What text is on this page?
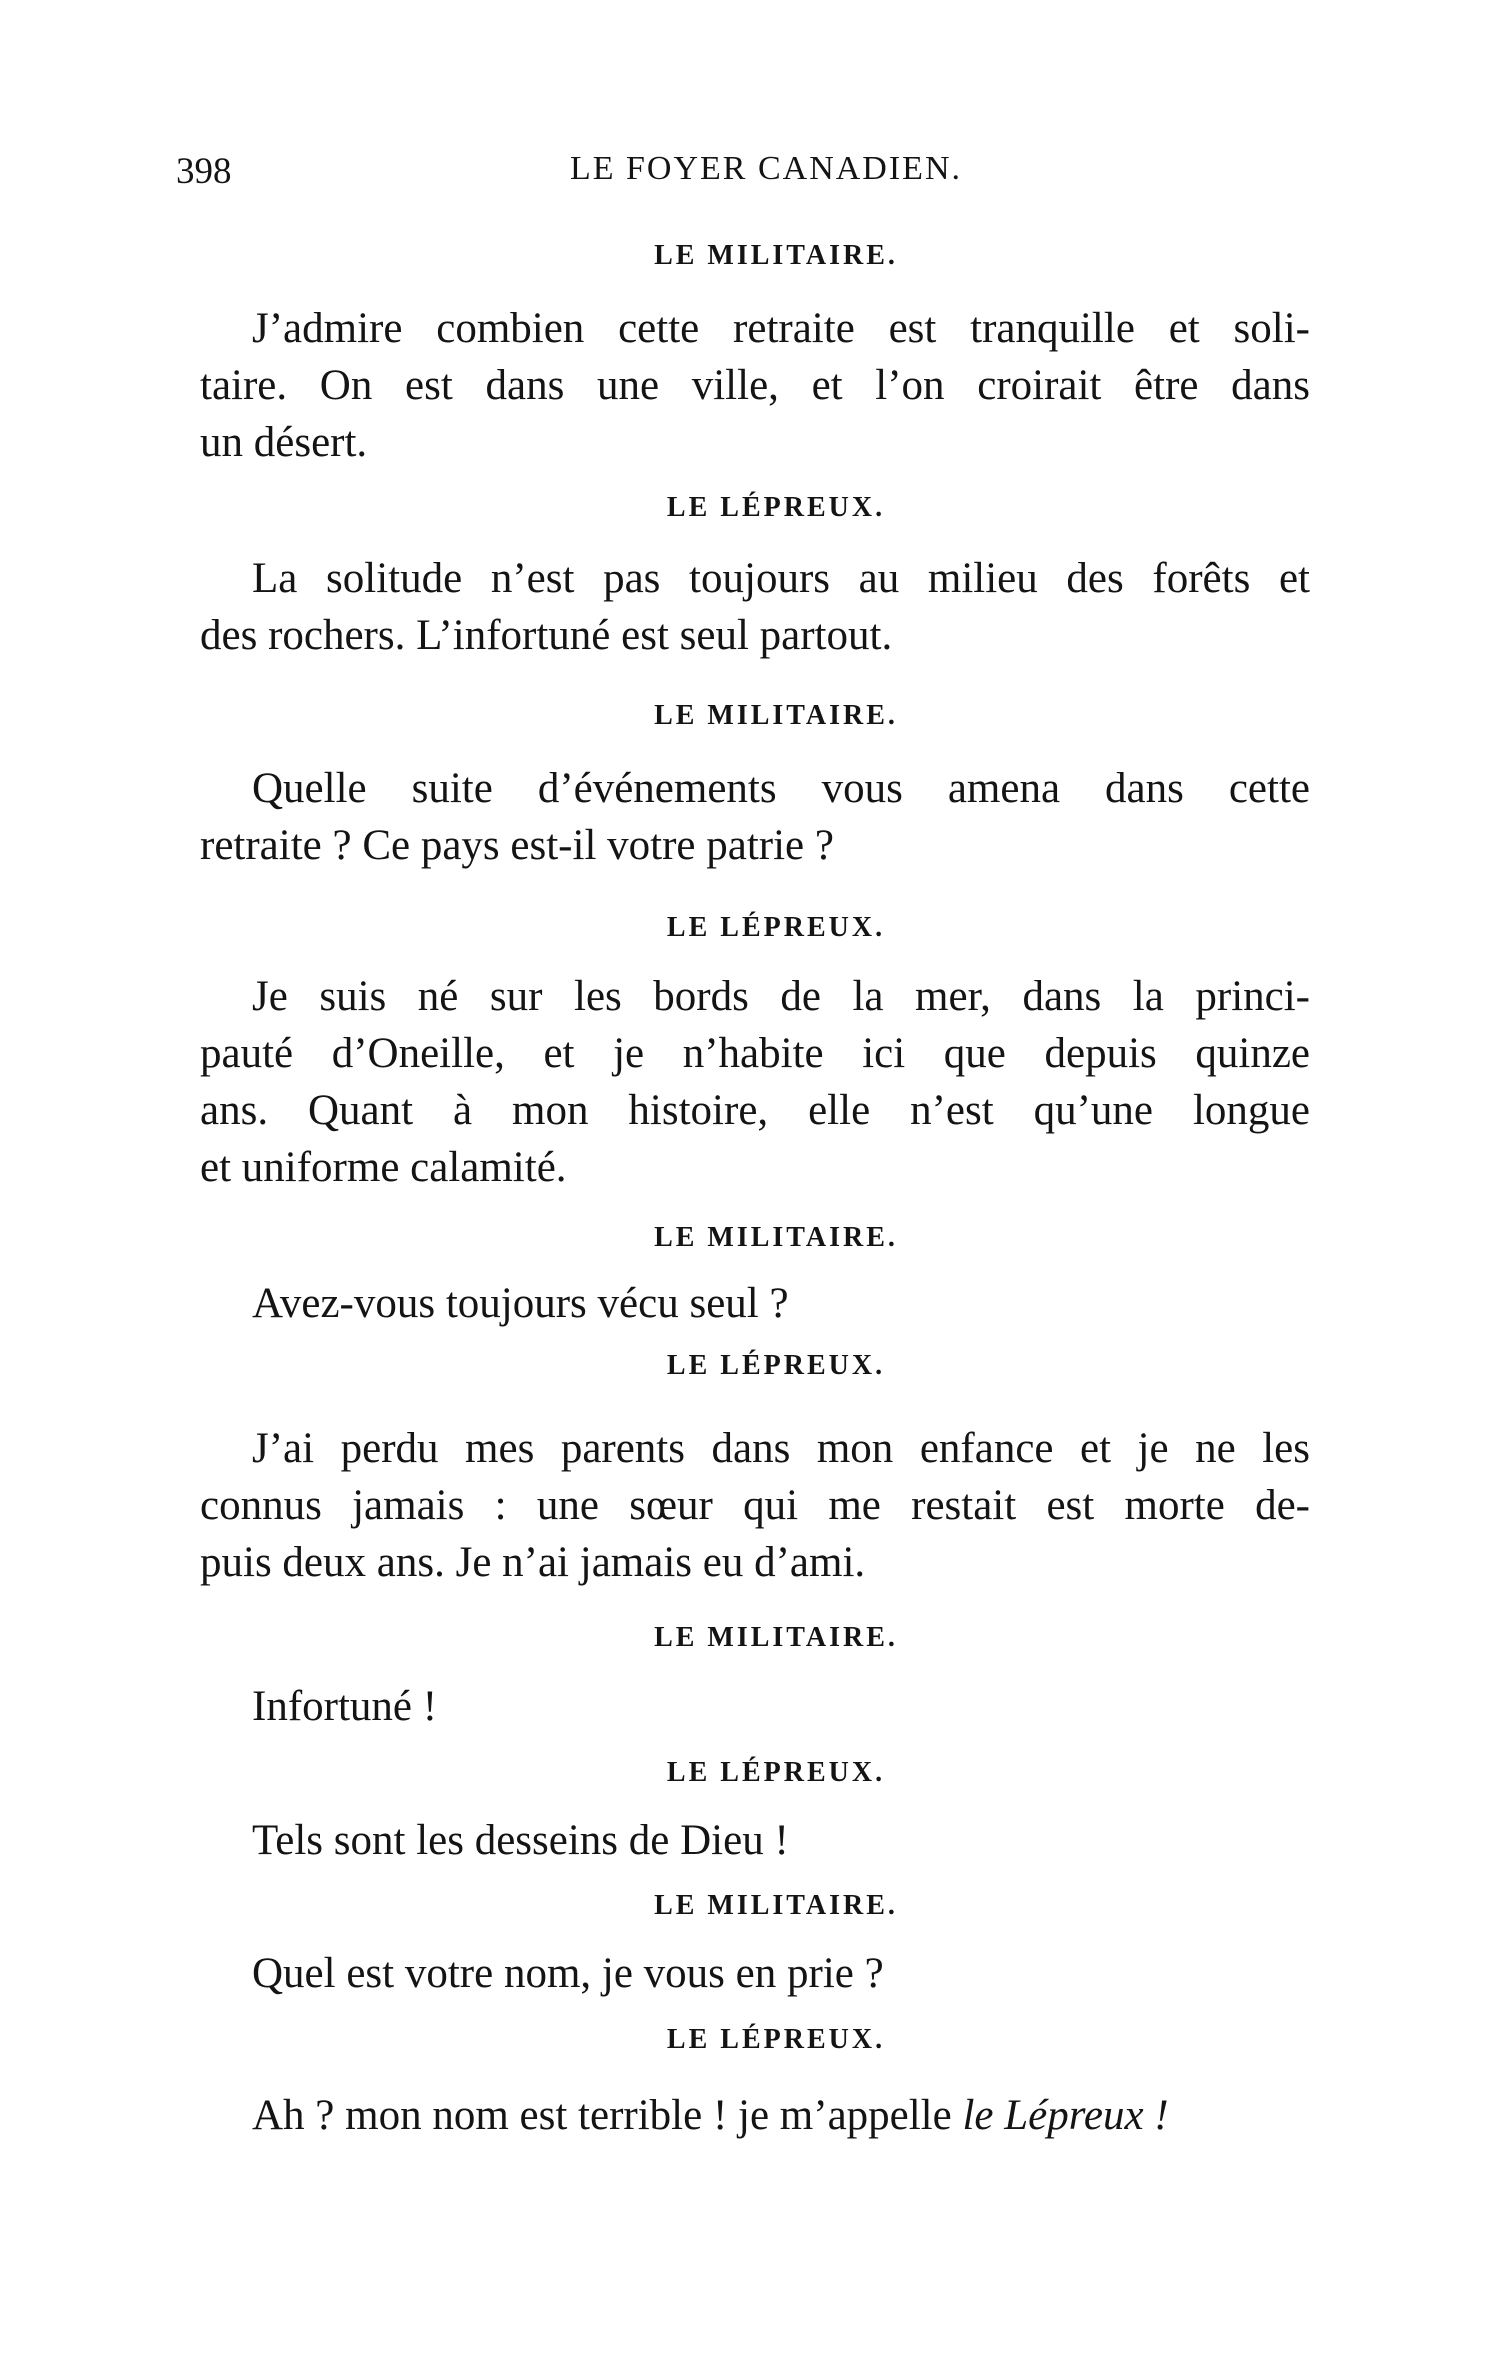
398	LE FOYER CANADIEN.
LE MILITAIRE.

J’admire combien cette retraite est tranquille et soli-
taire. On est dans une ville, et l’on croirait être dans
un désert.

LE LÉPREUX.

La solitude n’est pas toujours au milieu des forêts et
des rochers. L’infortuné est seul partout.

LE MILITAIRE.

Quelle suite d’événements vous amena dans cette
retraite ? Ce pays est-il votre patrie ?

LE LÉPREUX.

Je suis né sur les bords de la mer, dans la princi-
pauté d’Oneille, et je n’habite ici que depuis quinze
ans. Quant à mon histoire, elle n’est qu’une longue
et uniforme calamité.

LE MILITAIRE.
Avez-vous toujours vécu seul ?
LE LÉPREUX.

J’ai perdu mes parents dans mon enfance et je ne les
connus jamais : une sœur qui me restait est morte de-
puis deux ans. Je n’ai jamais eu d’ami.

LE MILITAIRE.
Infortuné !
LE LÉPREUX.
Tels sont les desseins de Dieu !
LE MILITAIRE.
Quel est votre nom, je vous en prie ?
LE LÉPREUX.
Ah ? mon nom est terrible ! je m’appelle le Lépreux !
